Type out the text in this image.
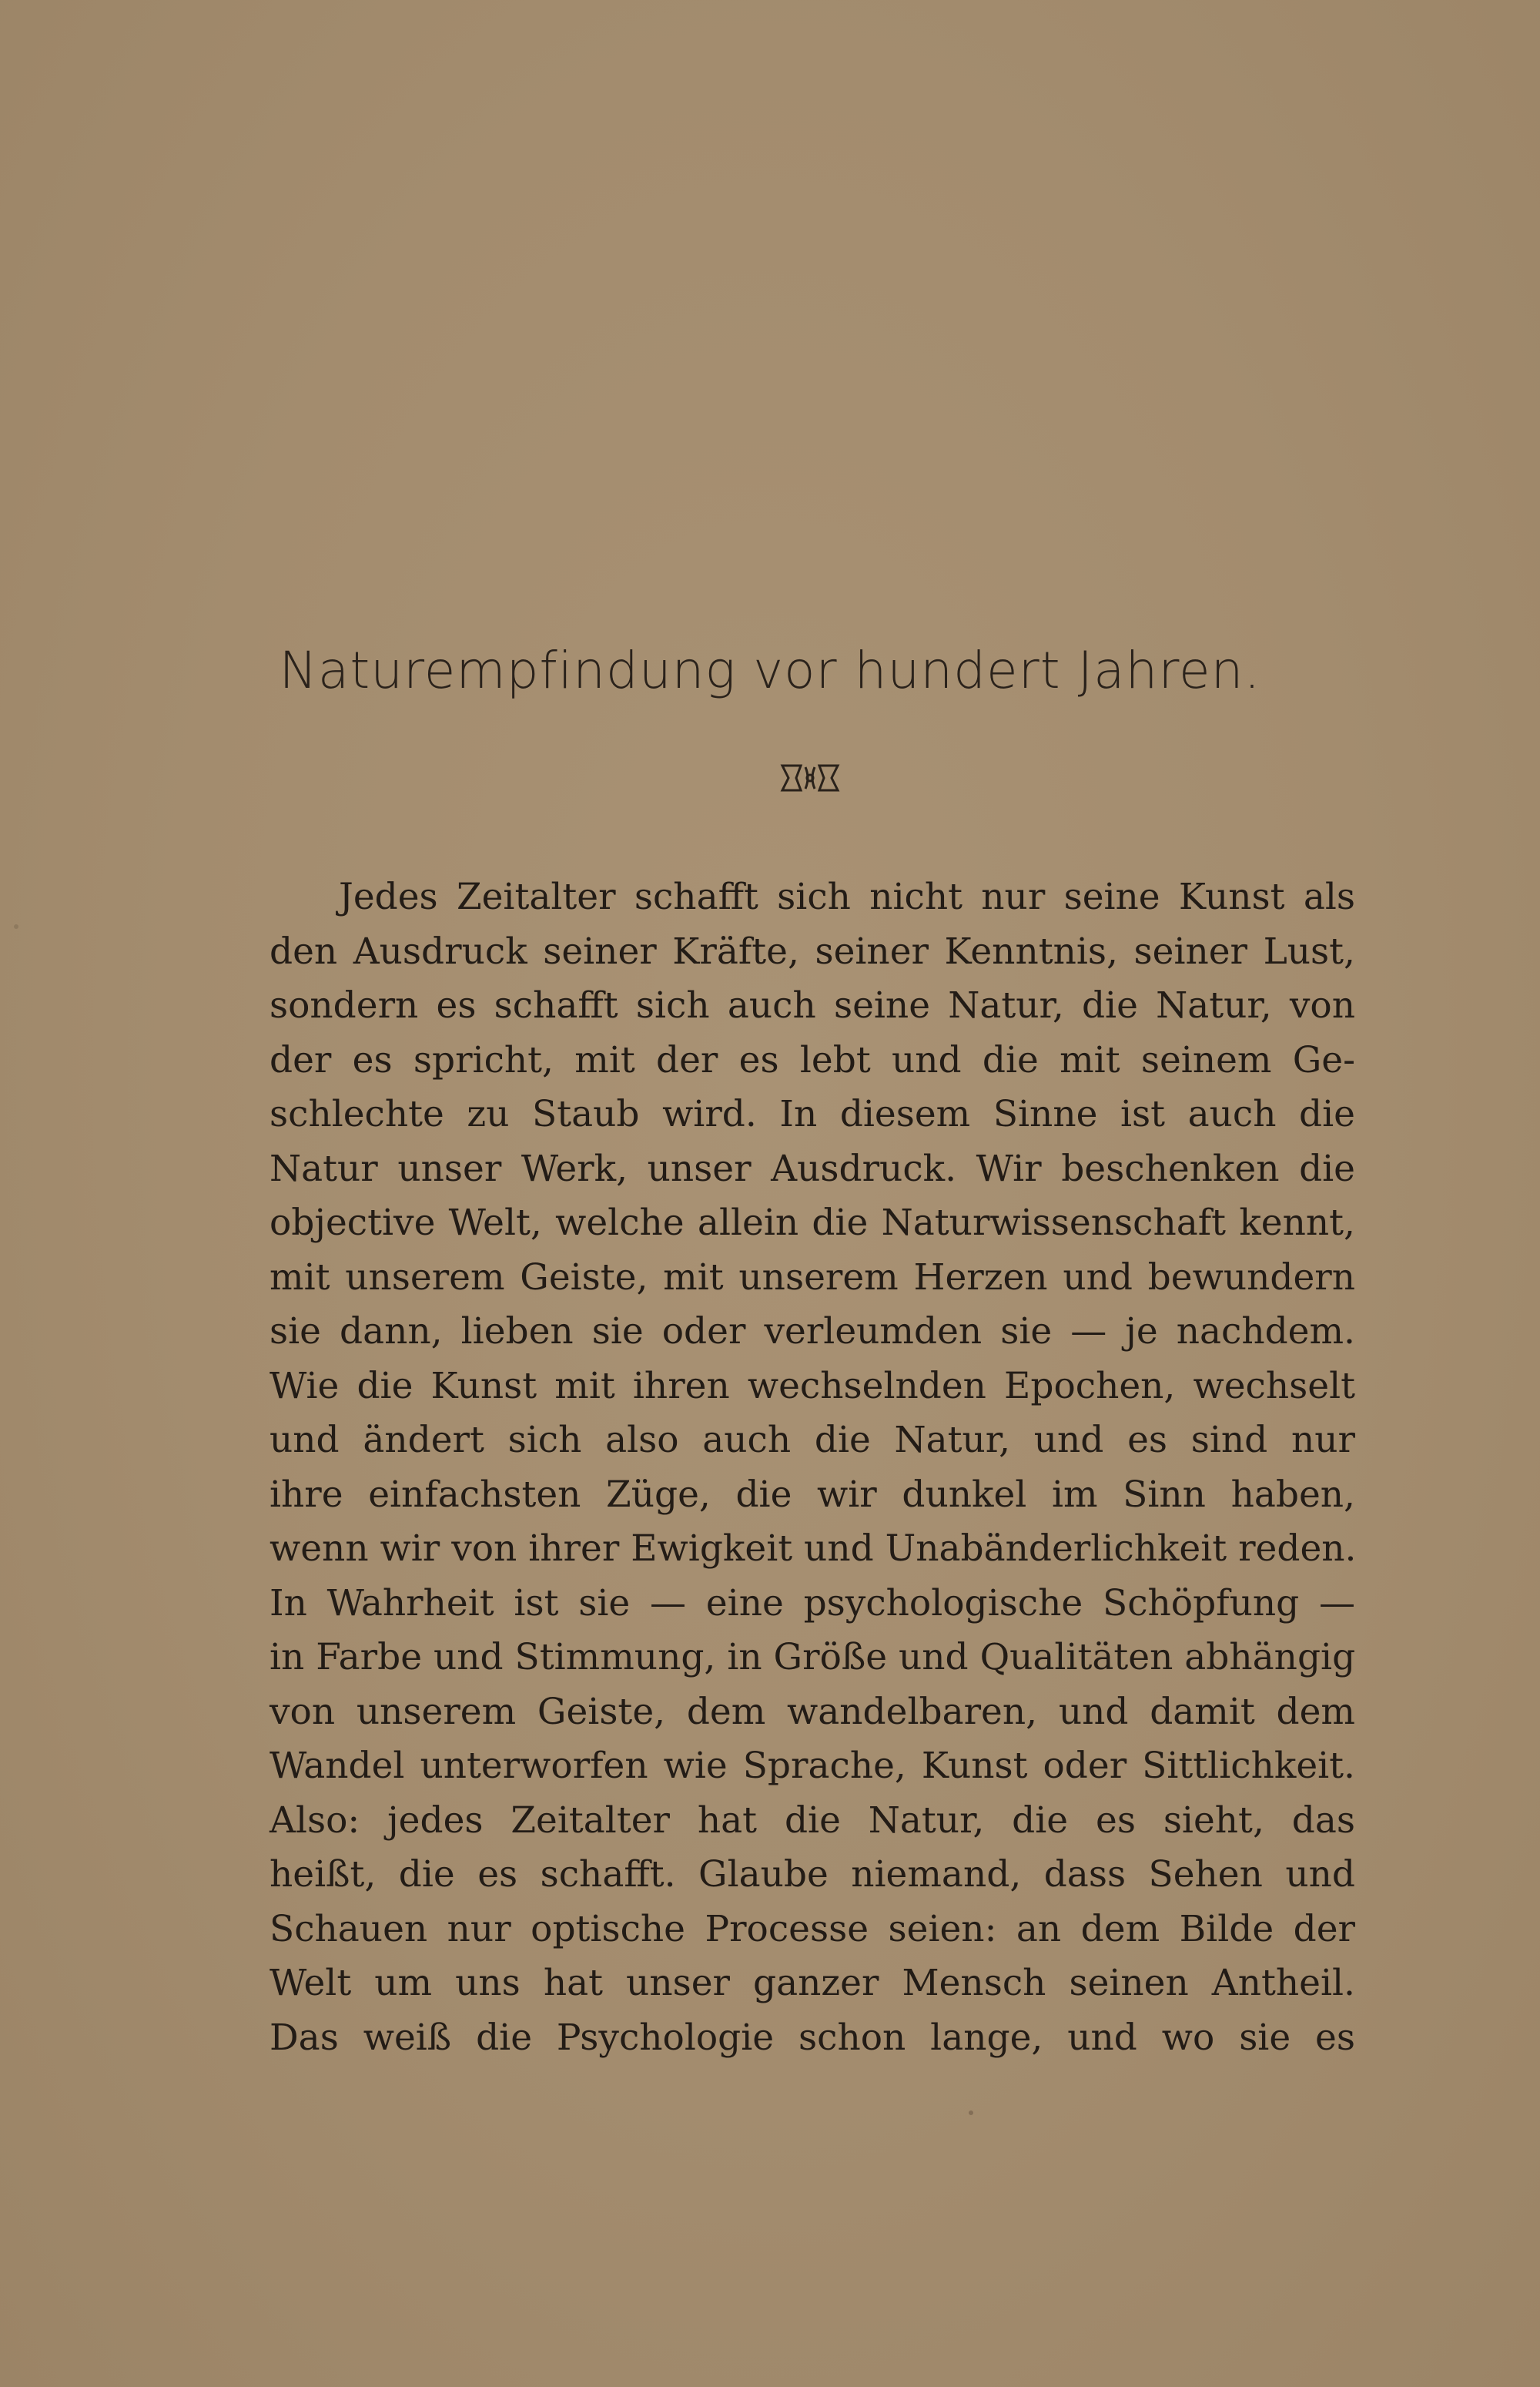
Naturempfindung vor hundert Jahren.
Jedes Zeitalter schafft sich nicht nur seine Kunst als
den Ausdruck seiner Kräfte, seiner Kenntnis, seiner Lust,
sondern es schafft sich auch seine Natur, die Natur, von
der es spricht, mit der es lebt und die mit seinem Ge-
schlechte zu Staub wird. In diesem Sinne ist auch die
Natur unser Werk, unser Ausdruck. Wir beschenken die
objective Welt, welche allein die Naturwissenschaft kennt,
mit unserem Geiste, mit unserem Herzen und bewundern
sie dann, lieben sie oder verleumden sie — je nachdem.
Wie die Kunst mit ihren wechselnden Epochen, wechselt
und ändert sich also auch die Natur, und es sind nur
ihre einfachsten Züge, die wir dunkel im Sinn haben,
wenn wir von ihrer Ewigkeit und Unabänderlichkeit reden.
In Wahrheit ist sie — eine psychologische Schöpfung —
in Farbe und Stimmung, in Größe und Qualitäten abhängig
von unserem Geiste, dem wandelbaren, und damit dem
Wandel unterworfen wie Sprache, Kunst oder Sittlichkeit.
Also: jedes Zeitalter hat die Natur, die es sieht, das
heißt, die es schafft. Glaube niemand, dass Sehen und
Schauen nur optische Processe seien: an dem Bilde der
Welt um uns hat unser ganzer Mensch seinen Antheil.
Das weiß die Psychologie schon lange, und wo sie es
